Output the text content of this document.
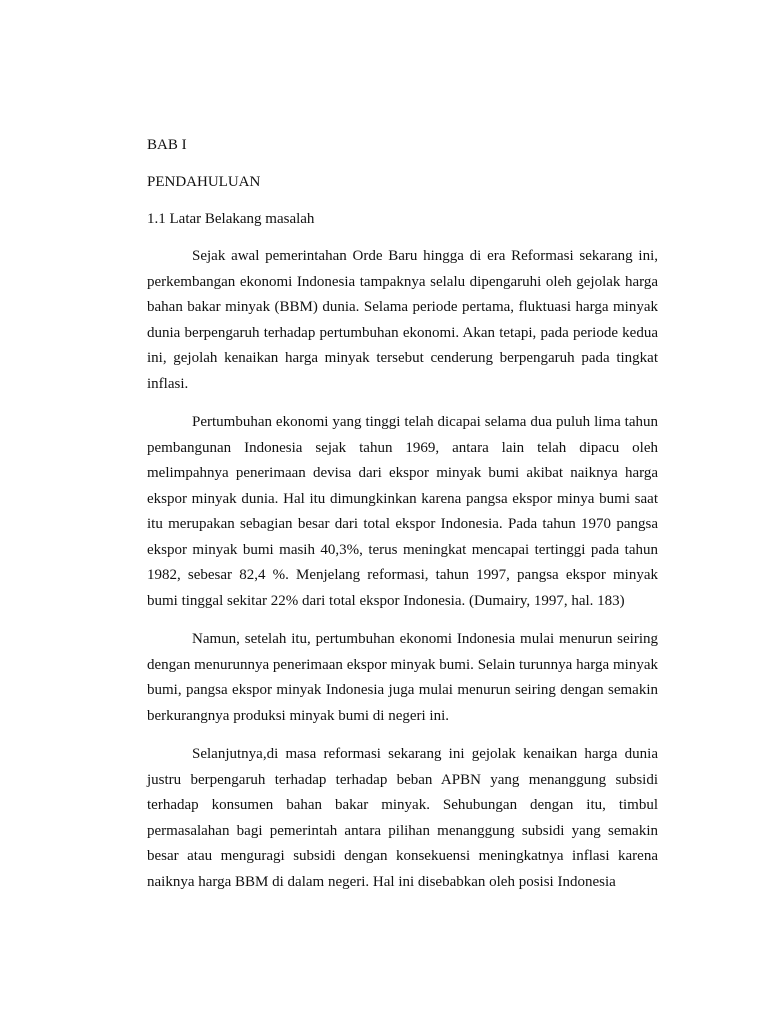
BAB I
PENDAHULUAN
1.1 Latar Belakang masalah

Sejak awal pemerintahan Orde Baru hingga di era Reformasi sekarang ini, perkembangan ekonomi Indonesia tampaknya selalu dipengaruhi oleh gejolak harga bahan bakar minyak (BBM) dunia. Selama periode pertama, fluktuasi harga minyak dunia berpengaruh terhadap pertumbuhan ekonomi. Akan tetapi, pada periode kedua ini, gejolah kenaikan harga minyak tersebut cenderung berpengaruh pada tingkat inflasi.

Pertumbuhan ekonomi yang tinggi telah dicapai selama dua puluh lima tahun pembangunan Indonesia sejak tahun 1969, antara lain telah dipacu oleh melimpahnya penerimaan devisa dari ekspor minyak bumi akibat naiknya harga ekspor minyak dunia. Hal itu dimungkinkan karena pangsa ekspor minya bumi saat itu merupakan sebagian besar dari total ekspor Indonesia. Pada tahun 1970 pangsa ekspor minyak bumi masih 40,3%, terus meningkat mencapai tertinggi pada tahun 1982, sebesar 82,4 %. Menjelang reformasi, tahun 1997, pangsa ekspor minyak bumi tinggal sekitar 22% dari total ekspor Indonesia. (Dumairy, 1997, hal. 183)

Namun, setelah itu, pertumbuhan ekonomi Indonesia mulai menurun seiring dengan menurunnya penerimaan ekspor minyak bumi. Selain turunnya harga minyak bumi, pangsa ekspor minyak Indonesia juga mulai menurun seiring dengan semakin berkurangnya produksi minyak bumi di negeri ini.

Selanjutnya,di masa reformasi sekarang ini gejolak kenaikan harga dunia justru berpengaruh terhadap terhadap beban APBN yang menanggung subsidi terhadap konsumen bahan bakar minyak. Sehubungan dengan itu, timbul permasalahan bagi pemerintah antara pilihan menanggung subsidi yang semakin besar atau menguragi subsidi dengan konsekuensi meningkatnya inflasi karena naiknya harga BBM di dalam negeri. Hal ini disebabkan oleh posisi Indonesia
